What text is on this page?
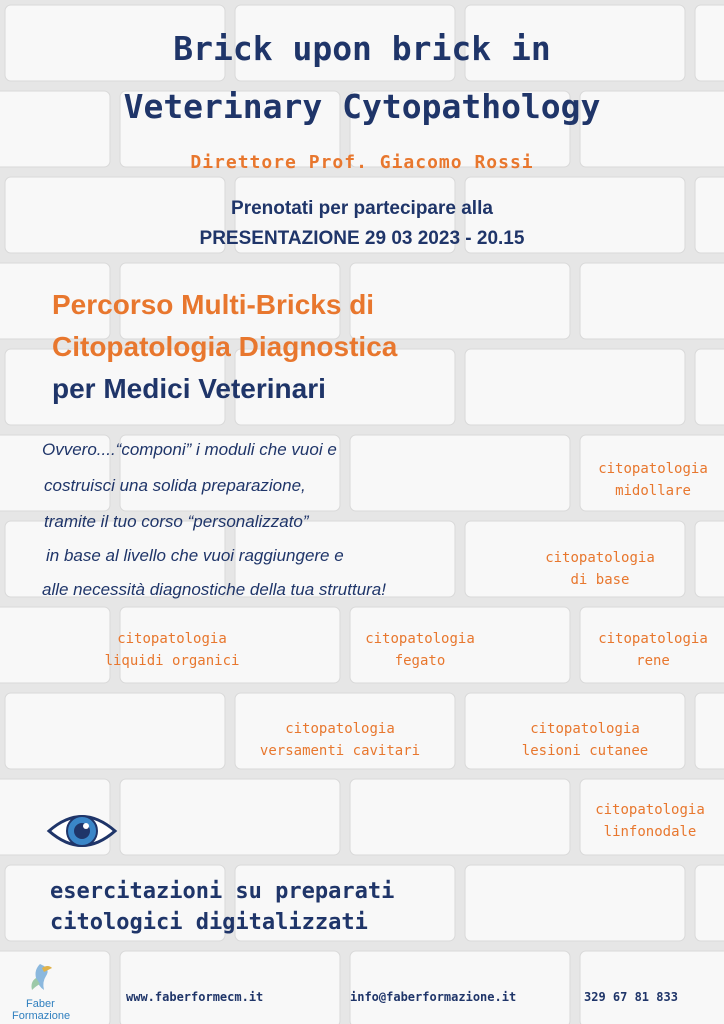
Brick upon brick in
Veterinary Cytopathology
Direttore Prof. Giacomo Rossi
Prenotati per partecipare alla
PRESENTAZIONE 29 03 2023 - 20.15
Percorso Multi-Bricks di
Citopatologia Diagnostica
per Medici Veterinari
Ovvero....“componi” i moduli che vuoi e
costruisci una solida preparazione,
tramite il tuo corso “personalizzato”
in base al livello che vuoi raggiungere e
alle necessità diagnostiche della tua struttura!
citopatologia
midollare
citopatologia
di base
citopatologia
liquidi organici
citopatologia
fegato
citopatologia
rene
citopatologia
versamenti cavitari
citopatologia
lesioni cutanee
citopatologia
linfonodale
esercitazioni su preparati
citologici digitalizzati
Faber
Formazione
www.faberformecm.it	info@faberformazione.it	329 67 81 833
